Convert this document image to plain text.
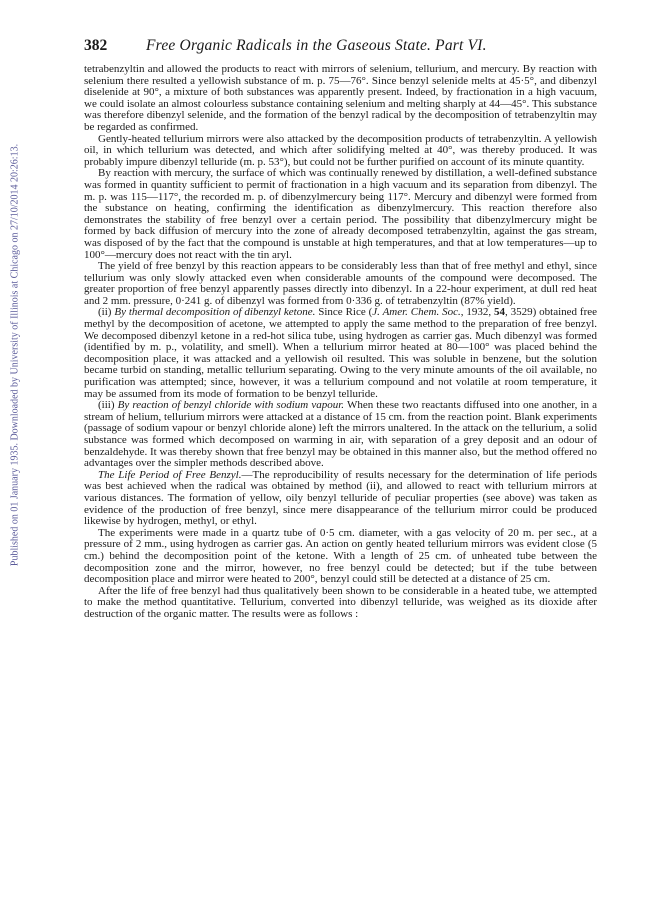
Published on 01 January 1935. Downloaded by University of Illinois at Chicago on 27/10/2014 20:26:13.
382	Free Organic Radicals in the Gaseous State. Part VI.

tetrabenzyltin and allowed the products to react with mirrors of selenium, tellurium, and mercury. By reaction with selenium there resulted a yellowish substance of m. p. 75—76°. Since benzyl selenide melts at 45·5°, and dibenzyl diselenide at 90°, a mixture of both substances was apparently present. Indeed, by fractionation in a high vacuum, we could isolate an almost colourless substance containing selenium and melting sharply at 44—45°. This substance was therefore dibenzyl selenide, and the formation of the benzyl radical by the decomposition of tetrabenzyltin may be regarded as confirmed.

Gently-heated tellurium mirrors were also attacked by the decomposition products of tetrabenzyltin. A yellowish oil, in which tellurium was detected, and which after solidifying melted at 40°, was thereby produced. It was probably impure dibenzyl telluride (m. p. 53°), but could not be further purified on account of its minute quantity.

By reaction with mercury, the surface of which was continually renewed by distillation, a well-defined substance was formed in quantity sufficient to permit of fractionation in a high vacuum and its separation from dibenzyl. The m. p. was 115—117°, the recorded m. p. of dibenzylmercury being 117°. Mercury and dibenzyl were formed from the substance on heating, confirming the identification as dibenzylmercury. This reaction therefore also demonstrates the stability of free benzyl over a certain period. The possibility that dibenzylmercury might be formed by back diffusion of mercury into the zone of already decomposed tetrabenzyltin, against the gas stream, was disposed of by the fact that the compound is unstable at high temperatures, and that at low temperatures—up to 100°—mercury does not react with the tin aryl.

The yield of free benzyl by this reaction appears to be considerably less than that of free methyl and ethyl, since tellurium was only slowly attacked even when considerable amounts of the compound were decomposed. The greater proportion of free benzyl apparently passes directly into dibenzyl. In a 22-hour experiment, at dull red heat and 2 mm. pressure, 0·241 g. of dibenzyl was formed from 0·336 g. of tetrabenzyltin (87% yield).

(ii) By thermal decomposition of dibenzyl ketone. Since Rice (J. Amer. Chem. Soc., 1932, 54, 3529) obtained free methyl by the decomposition of acetone, we attempted to apply the same method to the preparation of free benzyl. We decomposed dibenzyl ketone in a red-hot silica tube, using hydrogen as carrier gas. Much dibenzyl was formed (identified by m. p., volatility, and smell). When a tellurium mirror heated at 80—100° was placed behind the decomposition place, it was attacked and a yellowish oil resulted. This was soluble in benzene, but the solution became turbid on standing, metallic tellurium separating. Owing to the very minute amounts of the oil available, no purification was attempted; since, however, it was a tellurium compound and not volatile at room temperature, it may be assumed from its mode of formation to be benzyl telluride.

(iii) By reaction of benzyl chloride with sodium vapour. When these two reactants diffused into one another, in a stream of helium, tellurium mirrors were attacked at a distance of 15 cm. from the reaction point. Blank experiments (passage of sodium vapour or benzyl chloride alone) left the mirrors unaltered. In the attack on the tellurium, a solid substance was formed which decomposed on warming in air, with separation of a grey deposit and an odour of benzaldehyde. It was thereby shown that free benzyl may be obtained in this manner also, but the method offered no advantages over the simpler methods described above.

The Life Period of Free Benzyl.—The reproducibility of results necessary for the determination of life periods was best achieved when the radical was obtained by method (ii), and allowed to react with tellurium mirrors at various distances. The formation of yellow, oily benzyl telluride of peculiar properties (see above) was taken as evidence of the production of free benzyl, since mere disappearance of the tellurium mirror could be produced likewise by hydrogen, methyl, or ethyl.

The experiments were made in a quartz tube of 0·5 cm. diameter, with a gas velocity of 20 m. per sec., at a pressure of 2 mm., using hydrogen as carrier gas. An action on gently heated tellurium mirrors was evident close (5 cm.) behind the decomposition point of the ketone. With a length of 25 cm. of unheated tube between the decomposition zone and the mirror, however, no free benzyl could be detected; but if the tube between decomposition place and mirror were heated to 200°, benzyl could still be detected at a distance of 25 cm.

After the life of free benzyl had thus qualitatively been shown to be considerable in a heated tube, we attempted to make the method quantitative. Tellurium, converted into dibenzyl telluride, was weighed as its dioxide after destruction of the organic matter. The results were as follows :
